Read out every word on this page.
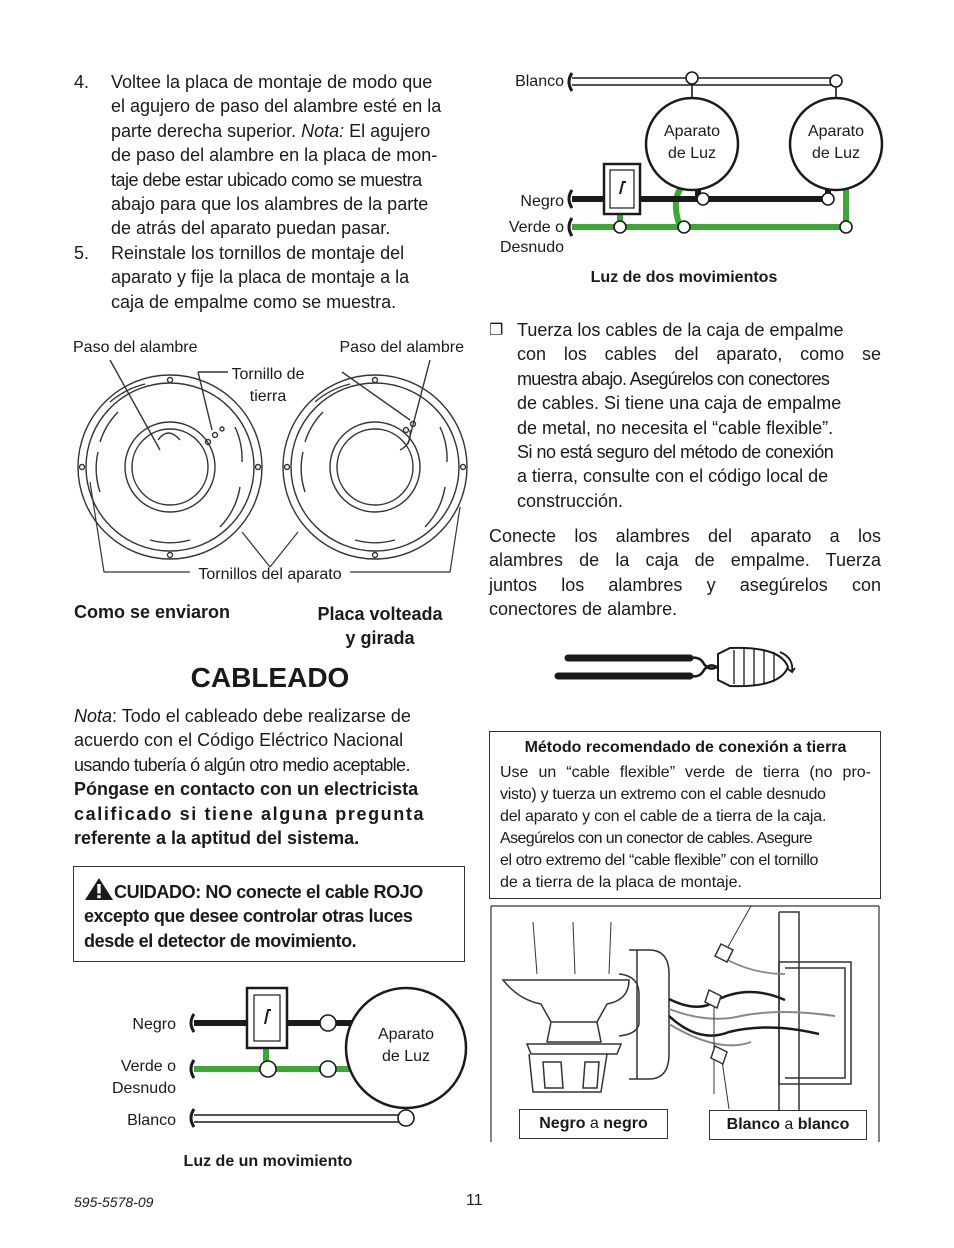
4. Voltee la placa de montaje de modo que
el agujero de paso del alambre esté en la
parte derecha superior. Nota: El agujero
de paso del alambre en la placa de mon-
taje debe estar ubicado como se muestra
abajo para que los alambres de la parte
de atrás del aparato puedan pasar.
5. Reinstale los tornillos de montaje del
aparato y fije la placa de montaje a la
caja de empalme como se muestra.
Paso del alambre	Paso del alambre
Tornillo de
tierra
Tornillos del aparato
Como se enviaron	Placa volteada
y girada
CABLEADO
Nota: Todo el cableado debe realizarse de
acuerdo con el Código Eléctrico Nacional
usando tubería ó algún otro medio aceptable.
Póngase en contacto con un electricista
calificado si tiene alguna pregunta
referente a la aptitud del sistema.
CUIDADO: NO conecte el cable ROJO
excepto que desee controlar otras luces
desde el detector de movimiento.
Negro
Verde o
Desnudo
Blanco
Aparato
de Luz
Luz de un movimiento
Blanco
Negro
Verde o
Desnudo
Aparato
de Luz
Aparato
de Luz
Luz de dos movimientos
❐ Tuerza los cables de la caja de empalme
con los cables del aparato, como se
muestra abajo. Asegúrelos con conectores
de cables. Si tiene una caja de empalme
de metal, no necesita el “cable flexible”.
Si no está seguro del método de conexión
a tierra, consulte con el código local de
construcción.
Conecte los alambres del aparato a los
alambres de la caja de empalme. Tuerza
juntos los alambres y asegúrelos con
conectores de alambre.
Método recomendado de conexión a tierra
Use un “cable flexible” verde de tierra (no pro-
visto) y tuerza un extremo con el cable desnudo
del aparato y con el cable de a tierra de la caja.
Asegúrelos con un conector de cables. Asegure
el otro extremo del “cable flexible” con el tornillo
de a tierra de la placa de montaje.
Negro a negro	Blanco a blanco
595-5578-09	11
